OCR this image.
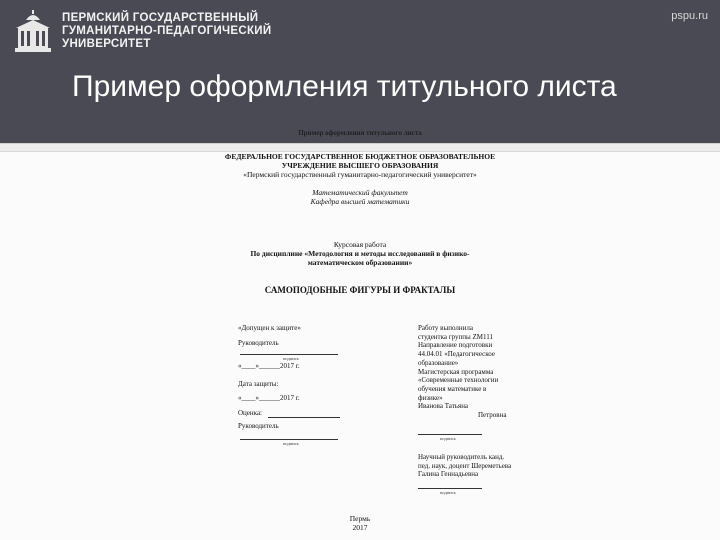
ПЕРМСКИЙ ГОСУДАРСТВЕННЫЙ
ГУМАНИТАРНО-ПЕДАГОГИЧЕСКИЙ
УНИВЕРСИТЕТ
pspu.ru
Пример оформления титульного листа
Пример оформления титульного листа
ФЕДЕРАЛЬНОЕ ГОСУДАРСТВЕННОЕ БЮДЖЕТНОЕ ОБРАЗОВАТЕЛЬНОЕ
УЧРЕЖДЕНИЕ ВЫСШЕГО ОБРАЗОВАНИЯ
«Пермский государственный гуманитарно-педагогический университет»
Математический факультет
Кафедра высшей математики
Курсовая работа
По дисциплине «Методология и методы исследований в физико-
математическом образовании»
САМОПОДОБНЫЕ ФИГУРЫ И ФРАКТАЛЫ
«Допущен к защите»
Руководитель
подпись
«____»______2017 г.
Дата защиты:
«____»______2017 г.
Оценка:
Руководитель
подпись
Работу выполнила
студентка группы ZM111
Направление подготовки
44.04.01 «Педагогическое
образование»
Магистерская программа
«Современные технологии
обучения математике в
физике»
Иванова Татьяна
Петровна
подпись
Научный руководитель канд.
пед. наук, доцент Шереметьева
Галина Геннадьевна
подпись
Пермь
2017
